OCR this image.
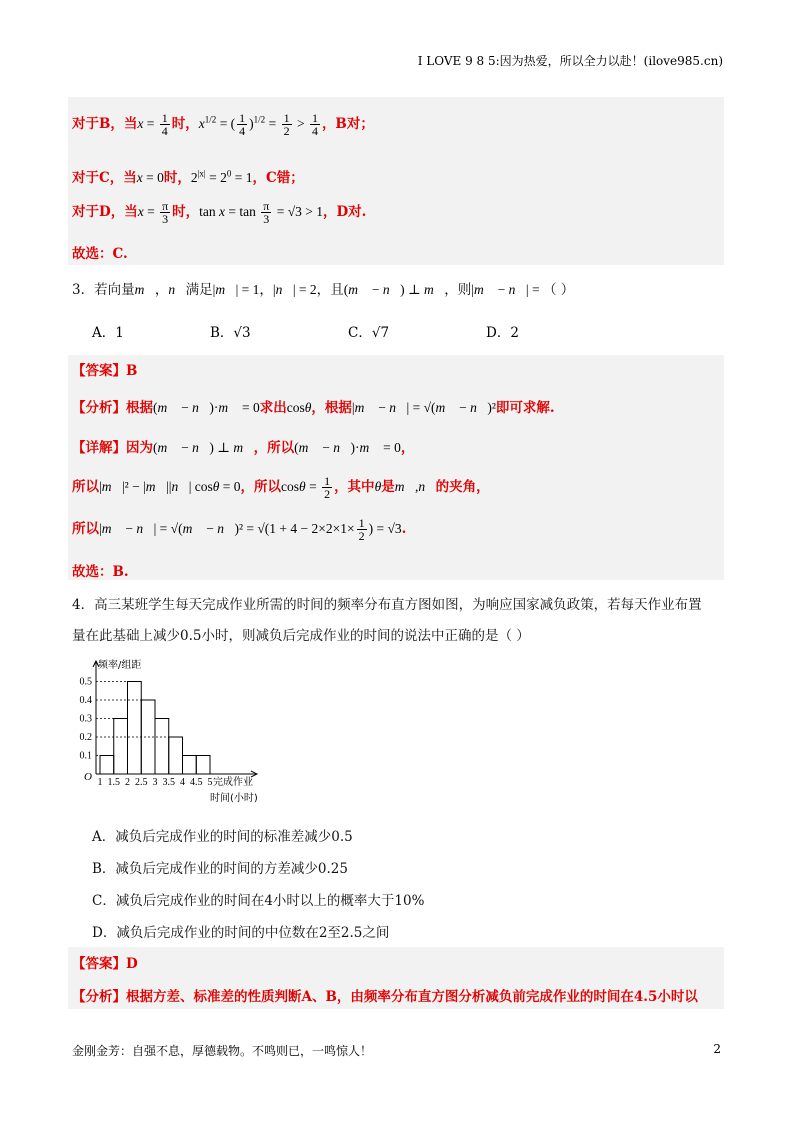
I LOVE 9 8 5:因为热爱，所以全力以赴！(ilove985.cn)
对于B，当$x = \frac{1}{4}$ 时，$x^{1/2}$ = ( $\frac{1}{4} )^{1/2} = \frac{1}{2} > \frac{1}{4}$ ，B对；
对于C，当x = 0时，$2^{|x|} = 2^0 = 1$，C错；
对于D，当$x = \frac{\pi}{3}$ 时，$\tan x = \tan \frac{\pi}{3} = √3 > 1$，D对.
故选：C.
3．若向量m⃗，n⃗满足|m⃗| = 1，|n⃗| = 2，且(m⃗ − n⃗) ⊥ m⃗，则|m⃗ − n⃗| = （ ）
A．1	B．√3	C．√7	D．2
【答案】B
【分析】根据(m⃗ − n⃗)·m⃗ = 0求出cosθ，根据|m⃗ − n⃗| = √(m⃗ − n⃗)²即可求解.
【详解】因为(m⃗ − n⃗) ⊥ m⃗，所以(m⃗ − n⃗)·m⃗ = 0，
所以|m⃗|² − |m⃗||n⃗| cosθ = 0，所以$\cos\theta = \frac{1}{2}$ ，其中θ是m⃗,n⃗的夹角，
所以|m⃗ − n⃗| = √(m⃗ − n⃗)² = $√(1 + 4 - 2\times 2\times 1\times \frac{1}{2}$ ) = √3.
故选：B.
4．高三某班学生每天完成作业所需的时间的频率分布直方图如图，为响应国家减负政策，若每天作业布置
量在此基础上减少0.5小时，则减负后完成作业的时间的说法中正确的是（ ）
0.1
0.2
0.3
0.4
0.5
1 1.5 2 2.5 3 3.5 4 4.5 5
O
频率/组距
完成作业
时间(小时)
A．减负后完成作业的时间的标准差减少0.5
B．减负后完成作业的时间的方差减少0.25
C．减负后完成作业的时间在4小时以上的概率大于10%
D．减负后完成作业的时间的中位数在2至2.5之间
【答案】D
【分析】根据方差、标准差的性质判断A、B，由频率分布直方图分析减负前完成作业的时间在4.5小时以
金刚金芳：自强不息，厚德载物。不鸣则已，一鸣惊人！	2
